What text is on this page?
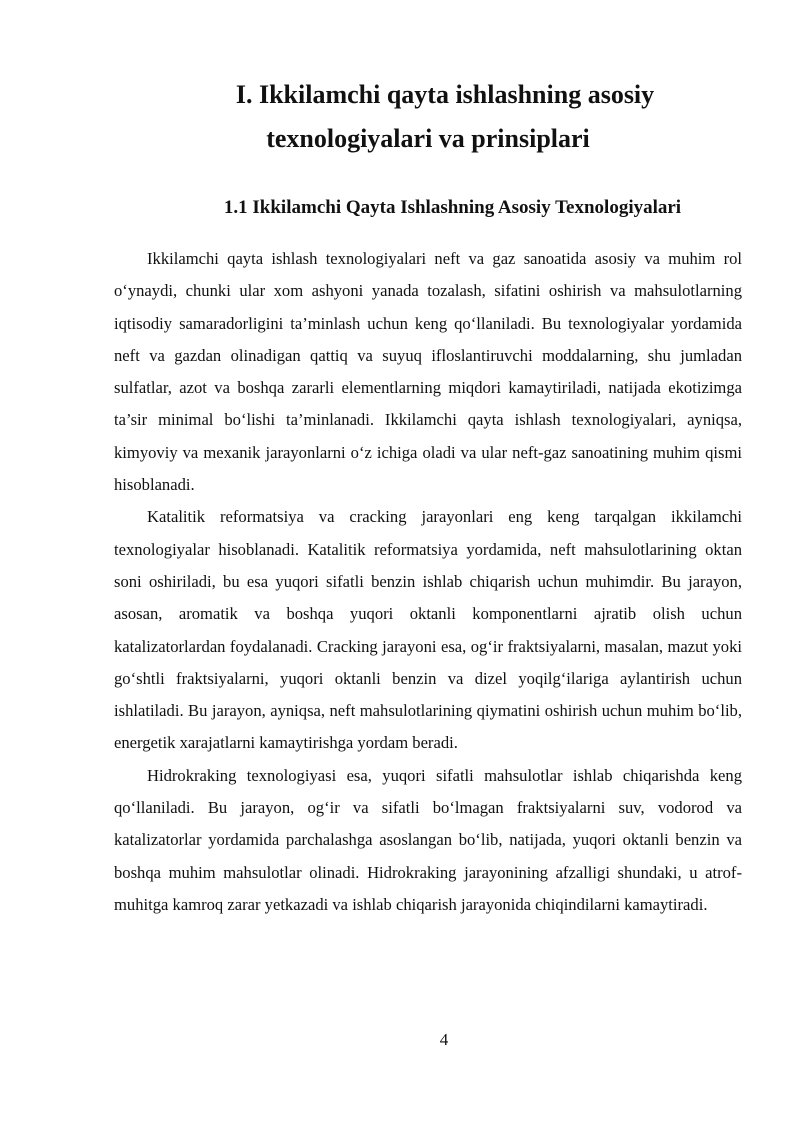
I. Ikkilamchi qayta ishlashning asosiy
texnologiyalari va prinsiplari
1.1 Ikkilamchi Qayta Ishlashning Asosiy Texnologiyalari

Ikkilamchi qayta ishlash texnologiyalari neft va gaz sanoatida asosiy va muhim rol o‘ynaydi, chunki ular xom ashyoni yanada tozalash, sifatini oshirish va mahsulotlarning iqtisodiy samaradorligini ta’minlash uchun keng qo‘llaniladi. Bu texnologiyalar yordamida neft va gazdan olinadigan qattiq va suyuq ifloslantiruvchi moddalarning, shu jumladan sulfatlar, azot va boshqa zararli elementlarning miqdori kamaytiriladi, natijada ekotizimga ta’sir minimal bo‘lishi ta’minlanadi. Ikkilamchi qayta ishlash texnologiyalari, ayniqsa, kimyoviy va mexanik jarayonlarni o‘z ichiga oladi va ular neft-gaz sanoatining muhim qismi hisoblanadi.

Katalitik reformatsiya va cracking jarayonlari eng keng tarqalgan ikkilamchi texnologiyalar hisoblanadi. Katalitik reformatsiya yordamida, neft mahsulotlarining oktan soni oshiriladi, bu esa yuqori sifatli benzin ishlab chiqarish uchun muhimdir. Bu jarayon, asosan, aromatik va boshqa yuqori oktanli komponentlarni ajratib olish uchun katalizatorlardan foydalanadi. Cracking jarayoni esa, og‘ir fraktsiyalarni, masalan, mazut yoki go‘shtli fraktsiyalarni, yuqori oktanli benzin va dizel yoqilg‘ilariga aylantirish uchun ishlatiladi. Bu jarayon, ayniqsa, neft mahsulotlarining qiymatini oshirish uchun muhim bo‘lib, energetik xarajatlarni kamaytirishga yordam beradi.

Hidrokraking texnologiyasi esa, yuqori sifatli mahsulotlar ishlab chiqarishda keng qo‘llaniladi. Bu jarayon, og‘ir va sifatli bo‘lmagan fraktsiyalarni suv, vodorod va katalizatorlar yordamida parchalashga asoslangan bo‘lib, natijada, yuqori oktanli benzin va boshqa muhim mahsulotlar olinadi. Hidrokraking jarayonining afzalligi shundaki, u atrof-muhitga kamroq zarar yetkazadi va ishlab chiqarish jarayonida chiqindilarni kamaytiradi.

4
